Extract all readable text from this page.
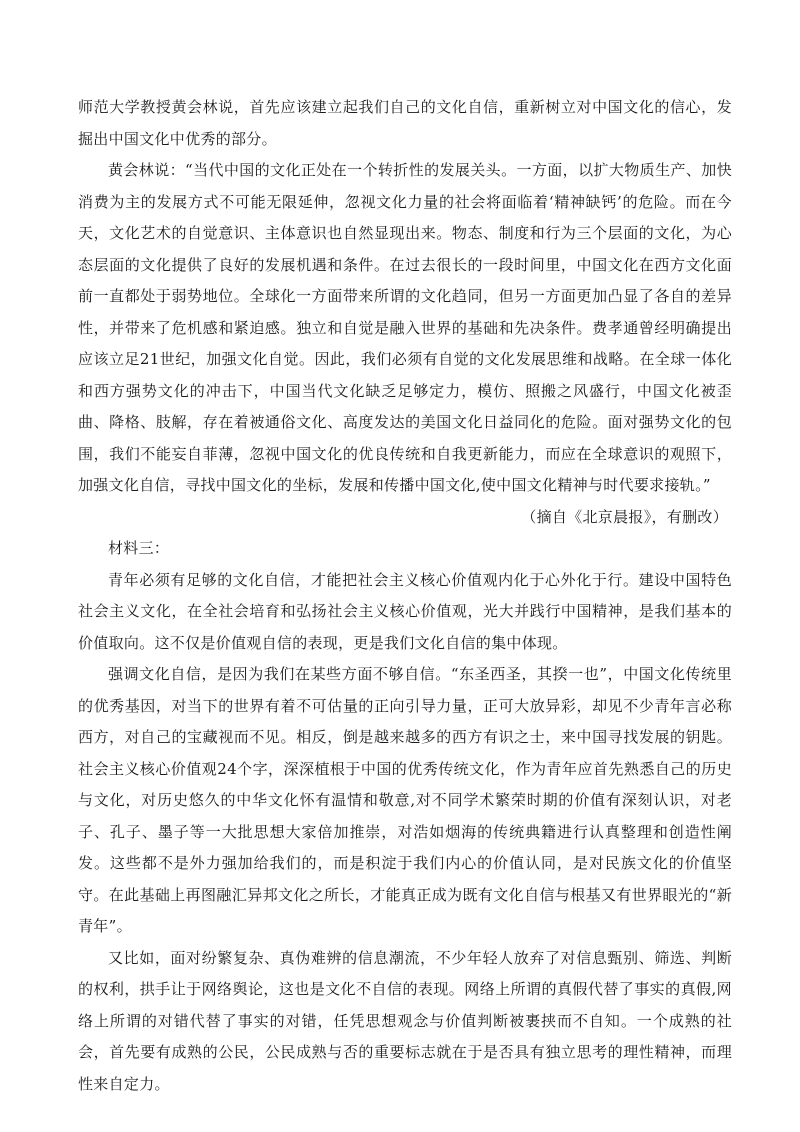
师范大学教授黄会林说，首先应该建立起我们自己的文化自信，重新树立对中国文化的信心，发掘出中国文化中优秀的部分。

黄会林说：“当代中国的文化正处在一个转折性的发展关头。一方面，以扩大物质生产、加快消费为主的发展方式不可能无限延伸，忽视文化力量的社会将面临着‘精神缺钙’的危险。而在今天，文化艺术的自觉意识、主体意识也自然显现出来。物态、制度和行为三个层面的文化，为心态层面的文化提供了良好的发展机遇和条件。在过去很长的一段时间里，中国文化在西方文化面前一直都处于弱势地位。全球化一方面带来所谓的文化趋同，但另一方面更加凸显了各自的差异性，并带来了危机感和紧迫感。独立和自觉是融入世界的基础和先决条件。费孝通曾经明确提出应该立足21世纪，加强文化自觉。因此，我们必须有自觉的文化发展思维和战略。在全球一体化和西方强势文化的冲击下，中国当代文化缺乏足够定力，模仿、照搬之风盛行，中国文化被歪曲、降格、肢解，存在着被通俗文化、高度发达的美国文化日益同化的危险。面对强势文化的包围，我们不能妄自菲薄，忽视中国文化的优良传统和自我更新能力，而应在全球意识的观照下，加强文化自信，寻找中国文化的坐标，发展和传播中国文化,使中国文化精神与时代要求接轨。”

（摘自《北京晨报》，有删改）

材料三：

青年必须有足够的文化自信，才能把社会主义核心价值观内化于心外化于行。建设中国特色社会主义文化，在全社会培育和弘扬社会主义核心价值观，光大并践行中国精神，是我们基本的价值取向。这不仅是价值观自信的表现，更是我们文化自信的集中体现。

强调文化自信，是因为我们在某些方面不够自信。“东圣西圣，其揆一也”，中国文化传统里的优秀基因，对当下的世界有着不可估量的正向引导力量，正可大放异彩，却见不少青年言必称西方，对自己的宝藏视而不见。相反，倒是越来越多的西方有识之士，来中国寻找发展的钥匙。社会主义核心价值观24个字，深深植根于中国的优秀传统文化，作为青年应首先熟悉自己的历史与文化，对历史悠久的中华文化怀有温情和敬意,对不同学术繁荣时期的价值有深刻认识，对老子、孔子、墨子等一大批思想大家倍加推崇，对浩如烟海的传统典籍进行认真整理和创造性阐发。这些都不是外力强加给我们的，而是积淀于我们内心的价值认同，是对民族文化的价值坚守。在此基础上再图融汇异邦文化之所长，才能真正成为既有文化自信与根基又有世界眼光的“新青年”。

又比如，面对纷繁复杂、真伪难辨的信息潮流，不少年轻人放弃了对信息甄别、筛选、判断的权利，拱手让于网络舆论，这也是文化不自信的表现。网络上所谓的真假代替了事实的真假,网络上所谓的对错代替了事实的对错，任凭思想观念与价值判断被裹挟而不自知。一个成熟的社会，首先要有成熟的公民，公民成熟与否的重要标志就在于是否具有独立思考的理性精神，而理性来自定力。
